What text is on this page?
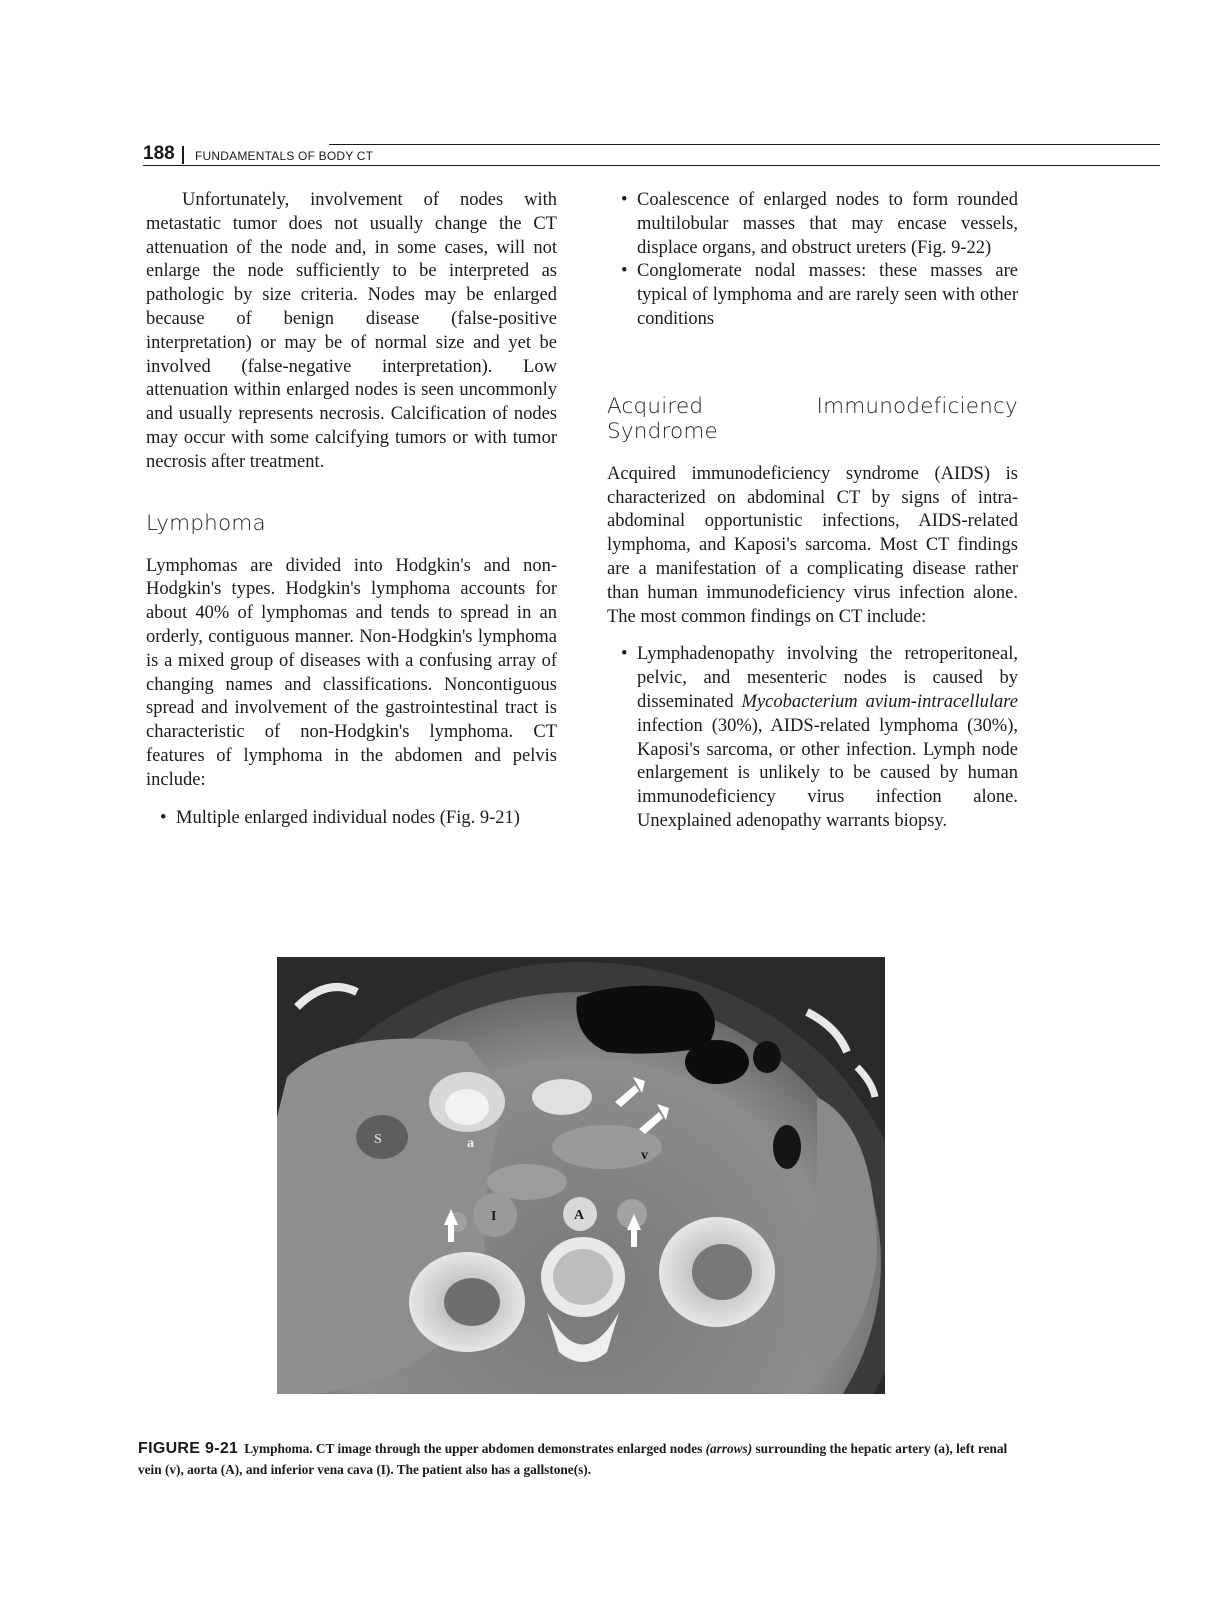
188 FUNDAMENTALS OF BODY CT

Unfortunately, involvement of nodes with metastatic tumor does not usually change the CT attenuation of the node and, in some cases, will not enlarge the node sufficiently to be interpreted as pathologic by size criteria. Nodes may be enlarged because of benign disease (false-positive interpretation) or may be of normal size and yet be involved (false-negative interpretation). Low attenuation within enlarged nodes is seen uncommonly and usually represents necrosis. Calcification of nodes may occur with some calcifying tumors or with tumor necrosis after treatment.

Lymphoma

Lymphomas are divided into Hodgkin's and non-Hodgkin's types. Hodgkin's lymphoma accounts for about 40% of lymphomas and tends to spread in an orderly, contiguous manner. Non-Hodgkin's lymphoma is a mixed group of diseases with a confusing array of changing names and classifications. Noncontiguous spread and involvement of the gastrointestinal tract is characteristic of non-Hodgkin's lymphoma. CT features of lymphoma in the abdomen and pelvis include:

• Multiple enlarged individual nodes (Fig. 9-21)
• Coalescence of enlarged nodes to form rounded multilobular masses that may encase vessels, displace organs, and obstruct ureters (Fig. 9-22)
• Conglomerate nodal masses: these masses are typical of lymphoma and are rarely seen with other conditions
Acquired Immunodeficiency Syndrome

Acquired immunodeficiency syndrome (AIDS) is characterized on abdominal CT by signs of intra-abdominal opportunistic infections, AIDS-related lymphoma, and Kaposi's sarcoma. Most CT findings are a manifestation of a complicating disease rather than human immunodeficiency virus infection alone. The most common findings on CT include:

• Lymphadenopathy involving the retroperitoneal, pelvic, and mesenteric nodes is caused by disseminated Mycobacterium avium-intracellulare infection (30%), AIDS-related lymphoma (30%), Kaposi's sarcoma, or other infection. Lymph node enlargement is unlikely to be caused by human immunodeficiency virus infection alone. Unexplained adenopathy warrants biopsy.
S	a
v
I	A
FIGURE 9-21 Lymphoma. CT image through the upper abdomen demonstrates enlarged nodes (arrows) surrounding the hepatic artery (a), left renal vein (v), aorta (A), and inferior vena cava (I). The patient also has a gallstone(s).
